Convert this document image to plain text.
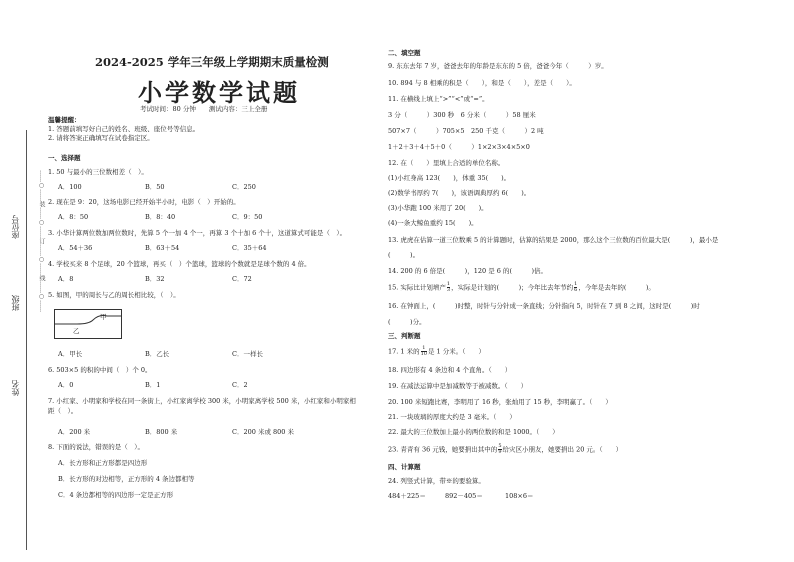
座位号
班级
姓名
……○……装……○……订……○……线……○……
2024-2025 学年三年级上学期期末质量检测
小学数学试题
考试时间：80 分钟　　测试内容：三上全册
温馨提醒：
1. 答题前填写好自己的姓名、班级、座位号等信息。
2. 请将答案正确填写在试卷指定区。
一、选择题
1. 50 与最小的三位数相差（　）。
A．100	B．50	C．250
2. 现在是 9：20，这场电影已经开始半小时，电影（　）开始的。
A．8：50	B．8：40	C．9：50
3. 小华计算两位数加两位数时，先算 5 个一加 4 个一，再算 3 个十加 6 个十，这道算式可能是（　）。
A．54＋36	B．63＋54	C．35＋64
4. 学校买来 8 个足球，20 个篮球，再买（　）个篮球，篮球的个数就是足球个数的 4 倍。
A．8	B．32	C．72
5. 如图，甲的周长与乙的周长相比较，（　）。
甲
乙
A．甲长	B．乙长	C．一样长
6. 503×5 的积的中间（　）个 0。
A．0	B．1	C．2
7. 小红家、小明家和学校在同一条街上，小红家离学校 300 米，小明家离学校 500 米，小红家和小明家相
距（　）。
A．200 米	B．800 米	C．200 米或 800 米
8. 下面的说法，错误的是（　）。
A．长方形和正方形都是四边形
B．长方形的对边相等，正方形的 4 条边都相等
C．4 条边都相等的四边形一定是正方形
二、填空题
9. 东东去年 7 岁，爸爸去年的年龄是东东的 5 倍，爸爸今年（　　　）岁。
10. 894 与 8 相乘的积是（　　），和是（　　），差是（　　）。
11. 在横线上填上“>”“<”或“=”。
3 分（　　　）300 秒　6 分米（　　　）58 厘米
507×7（　　　）705×5　250 千克（　　　）2 吨
1＋2＋3＋4＋5＋0（　　　）1×2×3×4×5×0
12. 在（　　）里填上合适的单位名称。
(1)小红身高 123(　　)，体重 35(　　)。
(2)数学书厚约 7(　　)，该语调典厚约 6(　　)。
(3)小华跑 100 米用了 20(　　)。
(4)一条大鲸鱼重约 15(　　)。
13. 虎虎在估算一道三位数乘 5 的计算题时，估算的结果是 2000，那么这个三位数的百位最大是(　　　)，最小是
(　　　)。
14. 200 的 6 倍是(　　　)，120 是 6 的(　　　)倍。
15. 实际比计划增产 $\frac{1}{3}$ ，实际是计划的(　　　)；今年比去年节约 $\frac{1}{6}$ ，今年是去年的(　　　)。
16. 在钟面上，(　　　)时整，时针与分针成一条直线；分针指向 5，时针在 7 到 8 之间，这时是(　　　)时
(　　　)分。
三、判断题
17. 1 米的 $\frac{1}{10}$ 是 1 分米。（　　）
18. 四边形有 4 条边和 4 个直角。（　　）
19. 在减法运算中是加减数等于被减数。（　　）
20. 100 米短跑比赛，李明用了 16 秒，张灿用了 15 秒，李明赢了。（　　）
21. 一块玻璃的厚度大约是 3 毫米。（　　）
22. 最大的三位数加上最小的两位数的和是 1000。（　　）
23. 青青有 36 元钱，她要捐出其中的 $\frac{5}{9}$ 给灾区小朋友，她要捐出 20 元。（　　）
四、计算题
24. 列竖式计算，带※的要验算。
484＋225＝	892－405＝	108×6＝
